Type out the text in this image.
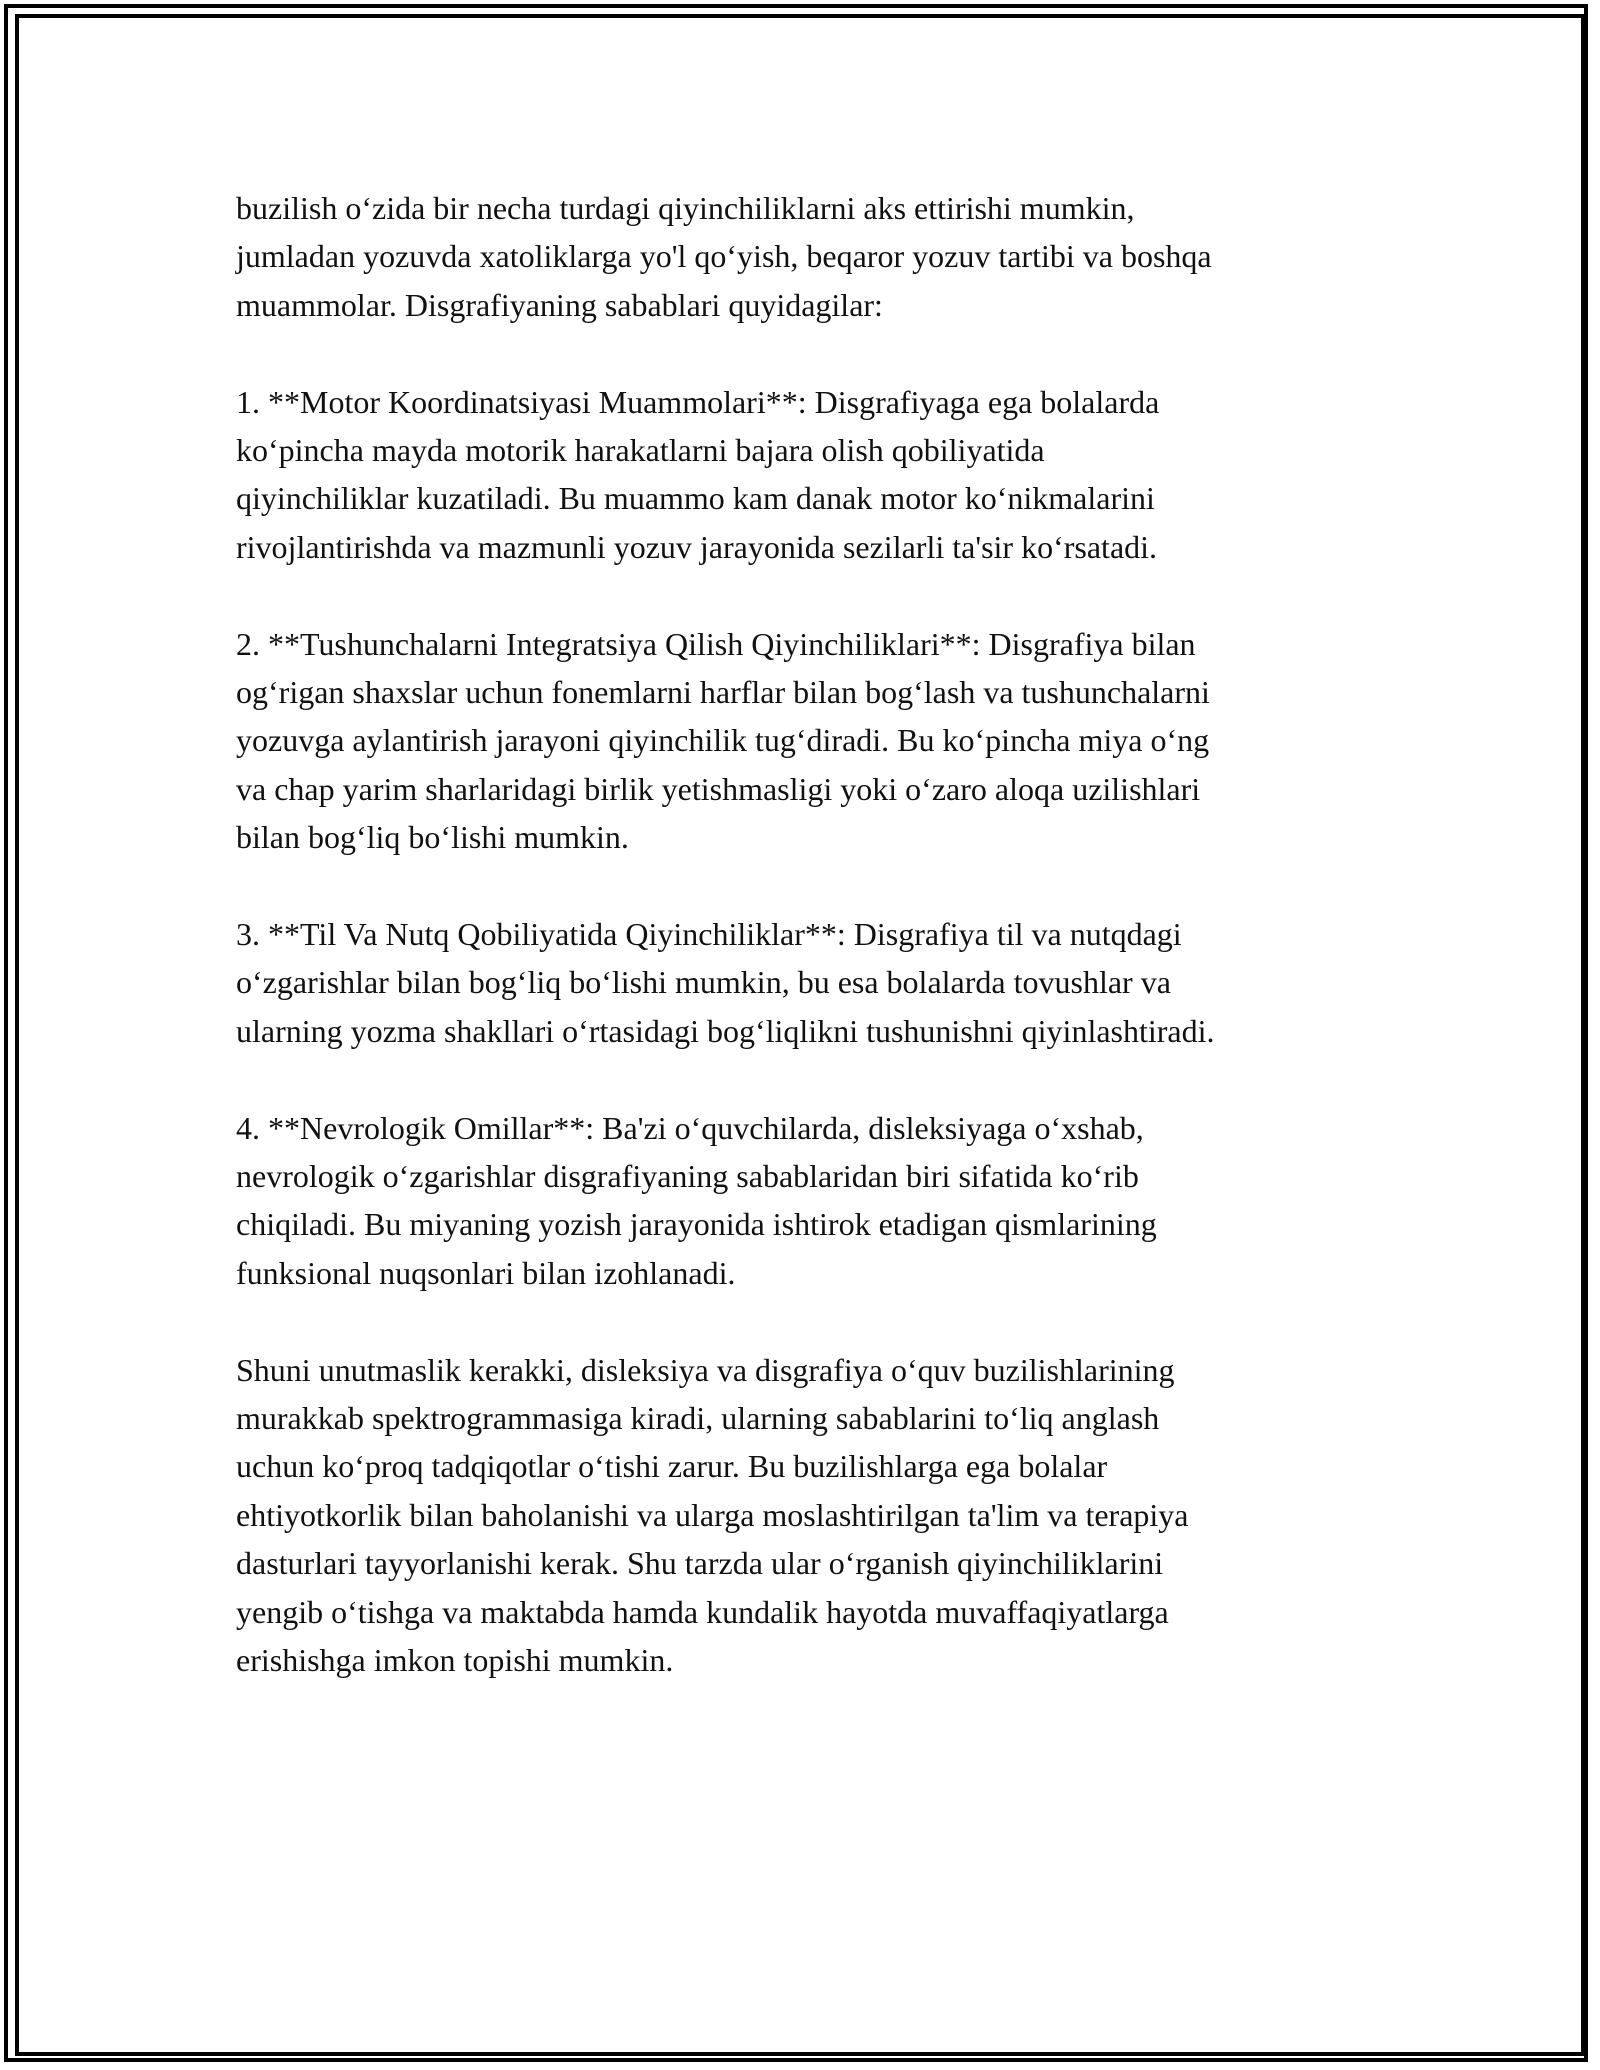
buzilish o‘zida bir necha turdagi qiyinchiliklarni aks ettirishi mumkin,
jumladan yozuvda xatoliklarga yo'l qo‘yish, beqaror yozuv tartibi va boshqa
muammolar. Disgrafiyaning sabablari quyidagilar:

1. **Motor Koordinatsiyasi Muammolari**: Disgrafiyaga ega bolalarda
ko‘pincha mayda motorik harakatlarni bajara olish qobiliyatida
qiyinchiliklar kuzatiladi. Bu muammo kam danak motor ko‘nikmalarini
rivojlantirishda va mazmunli yozuv jarayonida sezilarli ta'sir ko‘rsatadi.

2. **Tushunchalarni Integratsiya Qilish Qiyinchiliklari**: Disgrafiya bilan
og‘rigan shaxslar uchun fonemlarni harflar bilan bog‘lash va tushunchalarni
yozuvga aylantirish jarayoni qiyinchilik tug‘diradi. Bu ko‘pincha miya o‘ng
va chap yarim sharlaridagi birlik yetishmasligi yoki o‘zaro aloqa uzilishlari
bilan bog‘liq bo‘lishi mumkin.

3. **Til Va Nutq Qobiliyatida Qiyinchiliklar**: Disgrafiya til va nutqdagi
o‘zgarishlar bilan bog‘liq bo‘lishi mumkin, bu esa bolalarda tovushlar va
ularning yozma shakllari o‘rtasidagi bog‘liqlikni tushunishni qiyinlashtiradi.

4. **Nevrologik Omillar**: Ba'zi o‘quvchilarda, disleksiyaga o‘xshab,
nevrologik o‘zgarishlar disgrafiyaning sabablaridan biri sifatida ko‘rib
chiqiladi. Bu miyaning yozish jarayonida ishtirok etadigan qismlarining
funksional nuqsonlari bilan izohlanadi.

Shuni unutmaslik kerakki, disleksiya va disgrafiya o‘quv buzilishlarining
murakkab spektrogrammasiga kiradi, ularning sabablarini to‘liq anglash
uchun ko‘proq tadqiqotlar o‘tishi zarur. Bu buzilishlarga ega bolalar
ehtiyotkorlik bilan baholanishi va ularga moslashtirilgan ta'lim va terapiya
dasturlari tayyorlanishi kerak. Shu tarzda ular o‘rganish qiyinchiliklarini
yengib o‘tishga va maktabda hamda kundalik hayotda muvaffaqiyatlarga
erishishga imkon topishi mumkin.
